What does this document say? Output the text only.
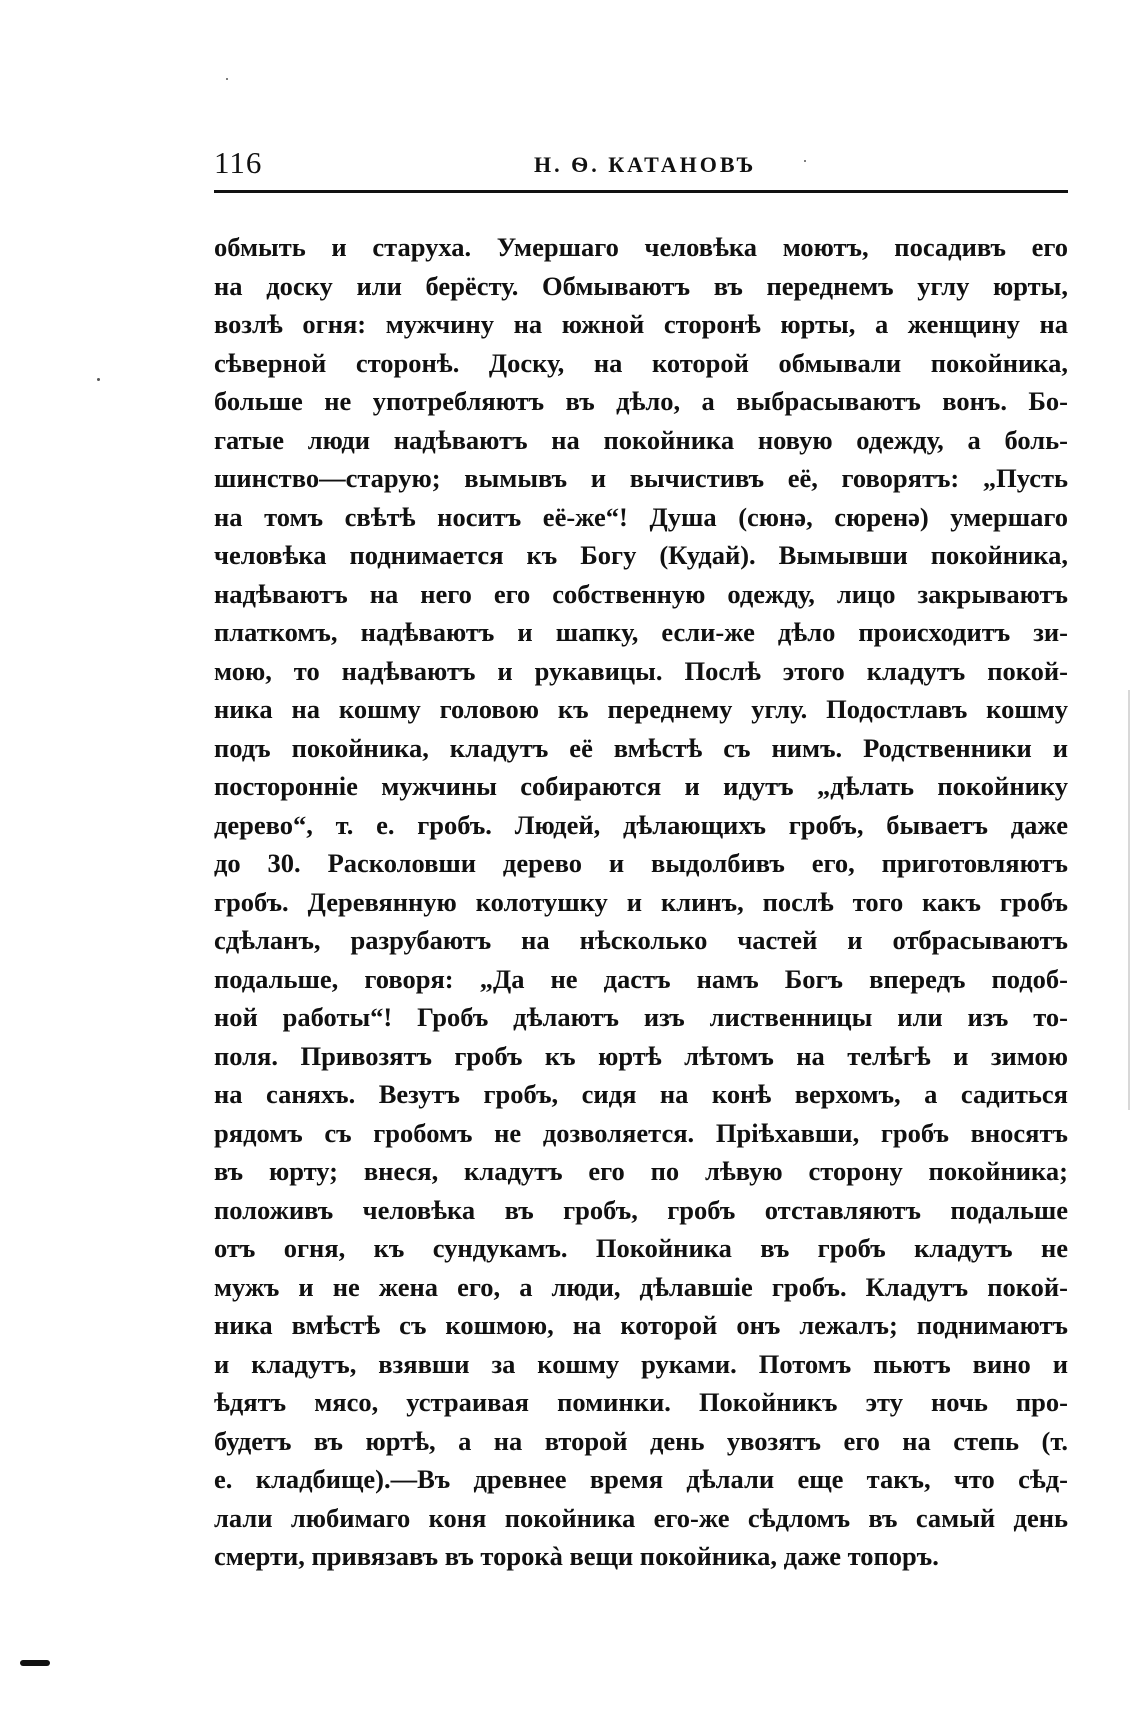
116	Н. Ѳ. КАТАНОВЪ
обмыть и старуха. Умершаго человѣка моютъ, посадивъ его
на доску или берёсту. Обмываютъ въ переднемъ углу юрты,
возлѣ огня: мужчину на южной сторонѣ юрты, а женщину на
сѣверной сторонѣ. Доску, на которой обмывали покойника,
больше не употребляютъ въ дѣло, а выбрасываютъ вонъ. Бо-
гатые люди надѣваютъ на покойника новую одежду, а боль-
шинство—старую; вымывъ и вычистивъ её, говорятъ: „Пусть
на томъ свѣтѣ носитъ её-же“! Душа (сюнə, сюренə) умершаго
человѣка поднимается къ Богу (Кудай). Вымывши покойника,
надѣваютъ на него его собственную одежду, лицо закрываютъ
платкомъ, надѣваютъ и шапку, если-же дѣло происходитъ зи-
мою, то надѣваютъ и рукавицы. Послѣ этого кладутъ покой-
ника на кошму головою къ переднему углу. Подостлавъ кошму
подъ покойника, кладутъ её вмѣстѣ съ нимъ. Родственники и
посторонніе мужчины собираются и идутъ „дѣлать покойнику
дерево“, т. е. гробъ. Людей, дѣлающихъ гробъ, бываетъ даже
до 30. Расколовши дерево и выдолбивъ его, приготовляютъ
гробъ. Деревянную колотушку и клинъ, послѣ того какъ гробъ
сдѣланъ, разрубаютъ на нѣсколько частей и отбрасываютъ
подальше, говоря: „Да не дастъ намъ Богъ впередъ подоб-
ной работы“! Гробъ дѣлаютъ изъ лиственницы или изъ то-
поля. Привозятъ гробъ къ юртѣ лѣтомъ на телѣгѣ и зимою
на саняхъ. Везутъ гробъ, сидя на конѣ верхомъ, а садиться
рядомъ съ гробомъ не дозволяется. Пріѣхавши, гробъ вносятъ
въ юрту; внеся, кладутъ его по лѣвую сторону покойника;
положивъ человѣка въ гробъ, гробъ отставляютъ подальше
отъ огня, къ сундукамъ. Покойника въ гробъ кладутъ не
мужъ и не жена его, а люди, дѣлавшіе гробъ. Кладутъ покой-
ника вмѣстѣ съ кошмою, на которой онъ лежалъ; поднимаютъ
и кладутъ, взявши за кошму руками. Потомъ пьютъ вино и
ѣдятъ мясо, устраивая поминки. Покойникъ эту ночь про-
будетъ въ юртѣ, а на второй день увозятъ его на степь (т.
е. кладбище).—Въ древнее время дѣлали еще такъ, что сѣд-
лали любимаго коня покойника его-же сѣдломъ въ самый день
смерти, привязавъ въ торокà вещи покойника, даже топоръ.
